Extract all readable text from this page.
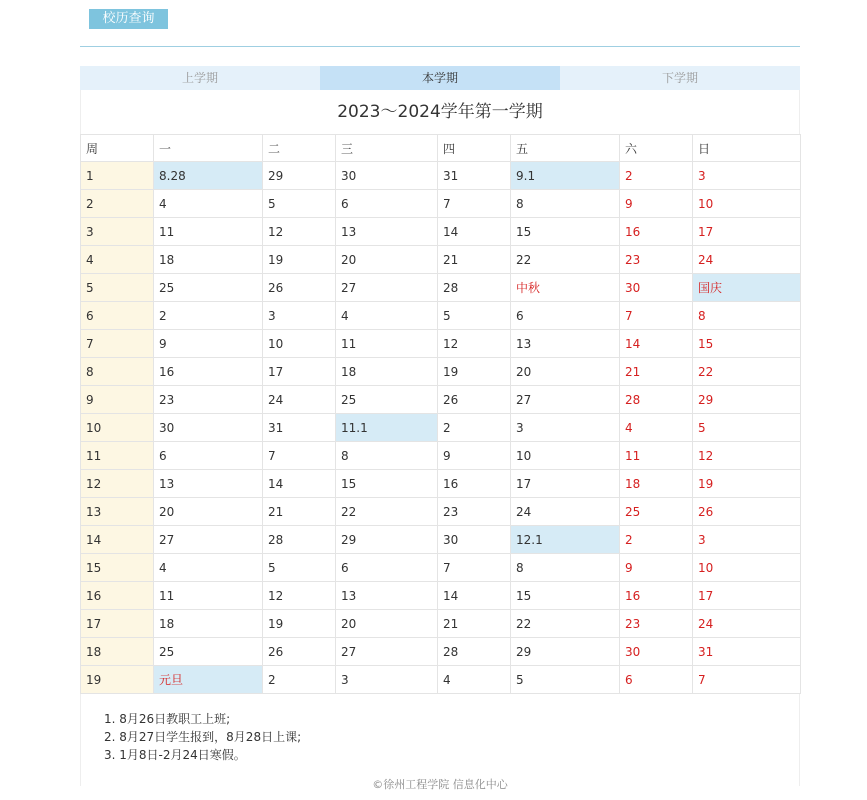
校历查询
上学期	本学期	下学期
2023～2024学年第一学期
周	一	二	三	四	五	六	日
1	8.28	29	30	31	9.1	2	3
2	4	5	6	7	8	9	10
3	11	12	13	14	15	16	17
4	18	19	20	21	22	23	24
5	25	26	27	28	中秋	30	国庆
6	2	3	4	5	6	7	8
7	9	10	11	12	13	14	15
8	16	17	18	19	20	21	22
9	23	24	25	26	27	28	29
10	30	31	11.1	2	3	4	5
11	6	7	8	9	10	11	12
12	13	14	15	16	17	18	19
13	20	21	22	23	24	25	26
14	27	28	29	30	12.1	2	3
15	4	5	6	7	8	9	10
16	11	12	13	14	15	16	17
17	18	19	20	21	22	23	24
18	25	26	27	28	29	30	31
19	元旦	2	3	4	5	6	7
1. 8月26日教职工上班;
2. 8月27日学生报到，8月28日上课;
3. 1月8日-2月24日寒假。
©徐州工程学院 信息化中心
